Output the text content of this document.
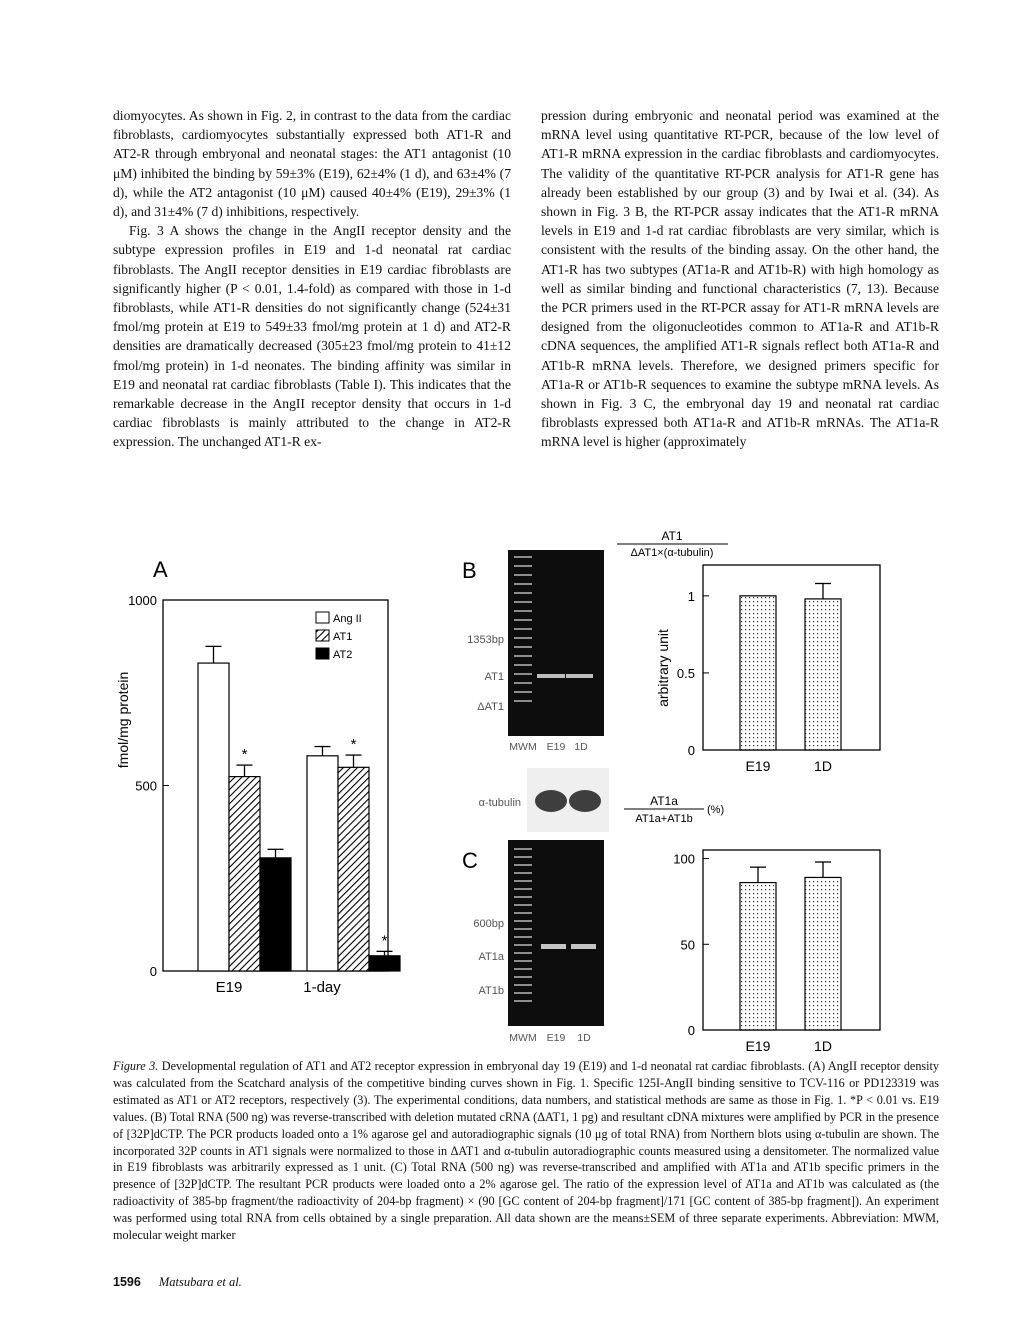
diomyocytes. As shown in Fig. 2, in contrast to the data from the cardiac fibroblasts, cardiomyocytes substantially expressed both AT1-R and AT2-R through embryonal and neonatal stages: the AT1 antagonist (10 μM) inhibited the binding by 59±3% (E19), 62±4% (1 d), and 63±4% (7 d), while the AT2 antagonist (10 μM) caused 40±4% (E19), 29±3% (1 d), and 31±4% (7 d) inhibitions, respectively.

Fig. 3 A shows the change in the AngII receptor density and the subtype expression profiles in E19 and 1-d neonatal rat cardiac fibroblasts. The AngII receptor densities in E19 cardiac fibroblasts are significantly higher (P < 0.01, 1.4-fold) as compared with those in 1-d fibroblasts, while AT1-R densities do not significantly change (524±31 fmol/mg protein at E19 to 549±33 fmol/mg protein at 1 d) and AT2-R densities are dramatically decreased (305±23 fmol/mg protein to 41±12 fmol/mg protein) in 1-d neonates. The binding affinity was similar in E19 and neonatal rat cardiac fibroblasts (Table I). This indicates that the remarkable decrease in the AngII receptor density that occurs in 1-d cardiac fibroblasts is mainly attributed to the change in AT2-R expression. The unchanged AT1-R ex-

pression during embryonic and neonatal period was examined at the mRNA level using quantitative RT-PCR, because of the low level of AT1-R mRNA expression in the cardiac fibroblasts and cardiomyocytes. The validity of the quantitative RT-PCR analysis for AT1-R gene has already been established by our group (3) and by Iwai et al. (34). As shown in Fig. 3 B, the RT-PCR assay indicates that the AT1-R mRNA levels in E19 and 1-d rat cardiac fibroblasts are very similar, which is consistent with the results of the binding assay. On the other hand, the AT1-R has two subtypes (AT1a-R and AT1b-R) with high homology as well as similar binding and functional characteristics (7, 13). Because the PCR primers used in the RT-PCR assay for AT1-R mRNA levels are designed from the oligonucleotides common to AT1a-R and AT1b-R cDNA sequences, the amplified AT1-R signals reflect both AT1a-R and AT1b-R mRNA levels. Therefore, we designed primers specific for AT1a-R or AT1b-R sequences to examine the subtype mRNA levels. As shown in Fig. 3 C, the embryonal day 19 and neonatal rat cardiac fibroblasts expressed both AT1a-R and AT1b-R mRNAs. The AT1a-R mRNA level is higher (approximately

A
fmol/mg protein
0
500
1000
*
*
*
Ang II
AT1
AT2
E19	1-day
B
1353bp
AT1
ΔAT1
MWM E19 1D
α-tubulin
C
600bp
AT1a
AT1b
MWM E19 1D
AT1
ΔAT1×(α-tubulin)
arbitrary unit
0
0.5
1
E19	1D
AT1a
AT1a+AT1b
(%)
0
50
100
E19	1D
Figure 3. Developmental regulation of AT1 and AT2 receptor expression in embryonal day 19 (E19) and 1-d neonatal rat cardiac fibroblasts. (A) AngII receptor density was calculated from the Scatchard analysis of the competitive binding curves shown in Fig. 1. Specific 125I-AngII binding sensitive to TCV-116 or PD123319 was estimated as AT1 or AT2 receptors, respectively (3). The experimental conditions, data numbers, and statistical methods are same as those in Fig. 1. *P < 0.01 vs. E19 values. (B) Total RNA (500 ng) was reverse-transcribed with deletion mutated cRNA (ΔAT1, 1 pg) and resultant cDNA mixtures were amplified by PCR in the presence of [32P]dCTP. The PCR products loaded onto a 1% agarose gel and autoradiographic signals (10 μg of total RNA) from Northern blots using α-tubulin are shown. The incorporated 32P counts in AT1 signals were normalized to those in ΔAT1 and α-tubulin autoradiographic counts measured using a densitometer. The normalized value in E19 fibroblasts was arbitrarily expressed as 1 unit. (C) Total RNA (500 ng) was reverse-transcribed and amplified with AT1a and AT1b specific primers in the presence of [32P]dCTP. The resultant PCR products were loaded onto a 2% agarose gel. The ratio of the expression level of AT1a and AT1b was calculated as (the radioactivity of 385-bp fragment/the radioactivity of 204-bp fragment) × (90 [GC content of 204-bp fragment]/171 [GC content of 385-bp fragment]). An experiment was performed using total RNA from cells obtained by a single preparation. All data shown are the means±SEM of three separate experiments. Abbreviation: MWM, molecular weight marker
1596 Matsubara et al.
